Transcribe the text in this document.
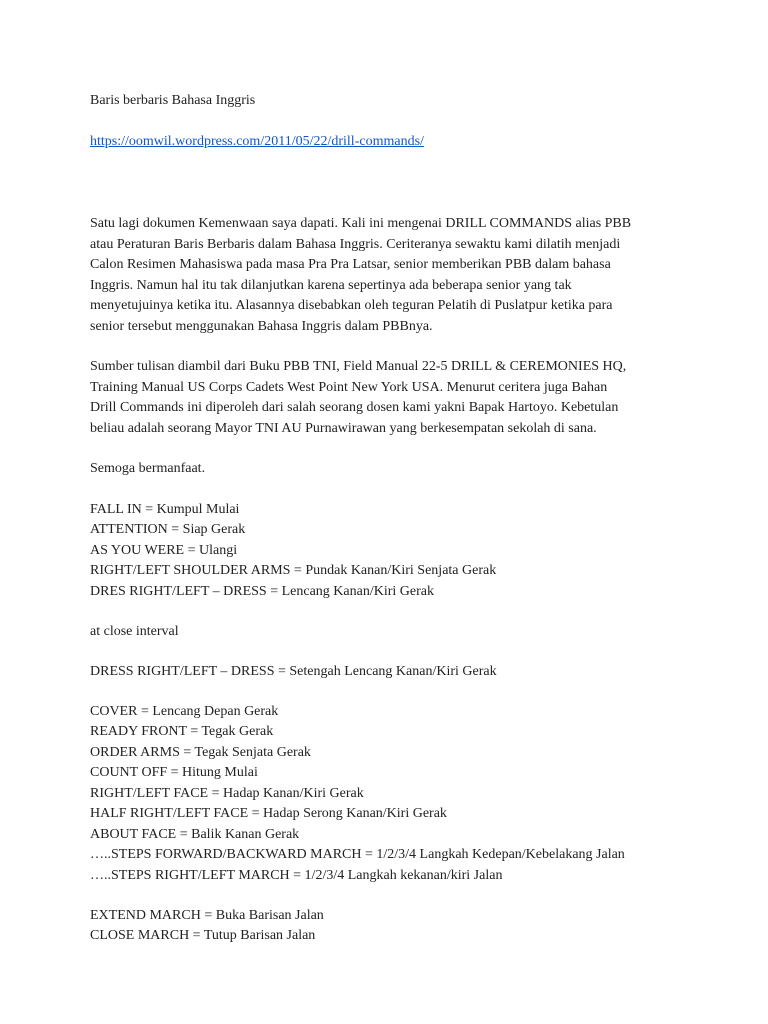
Baris berbaris Bahasa Inggris

https://oomwil.wordpress.com/2011/05/22/drill-commands/
Satu lagi dokumen Kemenwaan saya dapati. Kali ini mengenai DRILL COMMANDS alias PBB
atau Peraturan Baris Berbaris dalam Bahasa Inggris. Ceriteranya sewaktu kami dilatih menjadi
Calon Resimen Mahasiswa pada masa Pra Pra Latsar, senior memberikan PBB dalam bahasa
Inggris. Namun hal itu tak dilanjutkan karena sepertinya ada beberapa senior yang tak
menyetujuinya ketika itu. Alasannya disebabkan oleh teguran Pelatih di Puslatpur ketika para
senior tersebut menggunakan Bahasa Inggris dalam PBBnya.
Sumber tulisan diambil dari Buku PBB TNI, Field Manual 22-5 DRILL & CEREMONIES HQ,
Training Manual US Corps Cadets West Point New York USA. Menurut ceritera juga Bahan
Drill Commands ini diperoleh dari salah seorang dosen kami yakni Bapak Hartoyo. Kebetulan
beliau adalah seorang Mayor TNI AU Purnawirawan yang berkesempatan sekolah di sana.
Semoga bermanfaat.
FALL IN = Kumpul Mulai
ATTENTION = Siap Gerak
AS YOU WERE = Ulangi
RIGHT/LEFT SHOULDER ARMS = Pundak Kanan/Kiri Senjata Gerak
DRES RIGHT/LEFT – DRESS = Lencang Kanan/Kiri Gerak
at close interval
DRESS RIGHT/LEFT – DRESS = Setengah Lencang Kanan/Kiri Gerak
COVER = Lencang Depan Gerak
READY FRONT = Tegak Gerak
ORDER ARMS = Tegak Senjata Gerak
COUNT OFF = Hitung Mulai
RIGHT/LEFT FACE = Hadap Kanan/Kiri Gerak
HALF RIGHT/LEFT FACE = Hadap Serong Kanan/Kiri Gerak
ABOUT FACE = Balik Kanan Gerak
…..STEPS FORWARD/BACKWARD MARCH = 1/2/3/4 Langkah Kedepan/Kebelakang Jalan
…..STEPS RIGHT/LEFT MARCH = 1/2/3/4 Langkah kekanan/kiri Jalan
EXTEND MARCH = Buka Barisan Jalan
CLOSE MARCH = Tutup Barisan Jalan
